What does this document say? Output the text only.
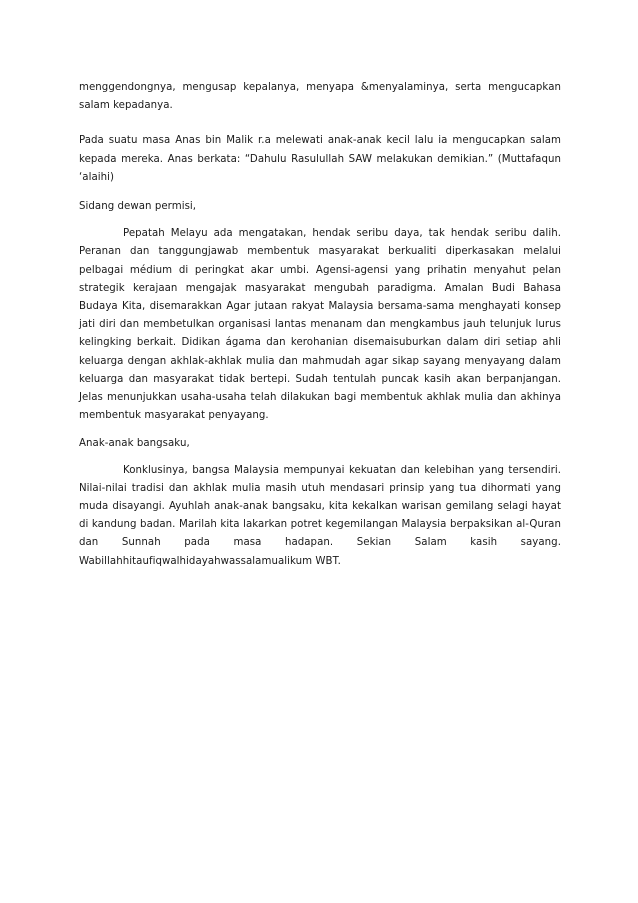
menggendongnya, mengusap kepalanya, menyapa &menyalaminya, serta mengucapkan salam kepadanya.

Pada suatu masa Anas bin Malik r.a melewati anak-anak kecil lalu ia mengucapkan salam kepada mereka. Anas berkata: “Dahulu Rasulullah SAW melakukan demikian.” (Muttafaqun ‘alaihi)

Sidang dewan permisi,

Pepatah Melayu ada mengatakan, hendak seribu daya, tak hendak seribu dalih. Peranan dan tanggungjawab membentuk masyarakat berkualiti diperkasakan melalui pelbagai médium di peringkat akar umbi. Agensi-agensi yang prihatin menyahut pelan strategik kerajaan mengajak masyarakat mengubah paradigma. Amalan Budi Bahasa Budaya Kita, disemarakkan Agar jutaan rakyat Malaysia bersama-sama menghayati konsep jati diri dan membetulkan organisasi lantas menanam dan mengkambus jauh telunjuk lurus kelingking berkait. Didikan ágama dan kerohanian disemaisuburkan dalam diri setiap ahli keluarga dengan akhlak-akhlak mulia dan mahmudah agar sikap sayang menyayang dalam keluarga dan masyarakat tidak bertepi. Sudah tentulah puncak kasih akan berpanjangan. Jelas menunjukkan usaha-usaha telah dilakukan bagi membentuk akhlak mulia dan akhinya membentuk masyarakat penyayang.

Anak-anak bangsaku,

Konklusinya, bangsa Malaysia mempunyai kekuatan dan kelebihan yang tersendiri. Nilai-nilai tradisi dan akhlak mulia masih utuh mendasari prinsip yang tua dihormati yang muda disayangi. Ayuhlah anak-anak bangsaku, kita kekalkan warisan gemilang selagi hayat di kandung badan. Marilah kita lakarkan potret kegemilangan Malaysia berpaksikan al-Quran dan Sunnah pada masa hadapan. Sekian Salam kasih sayang. Wabillahhitaufiqwalhidayahwassalamualikum WBT.
